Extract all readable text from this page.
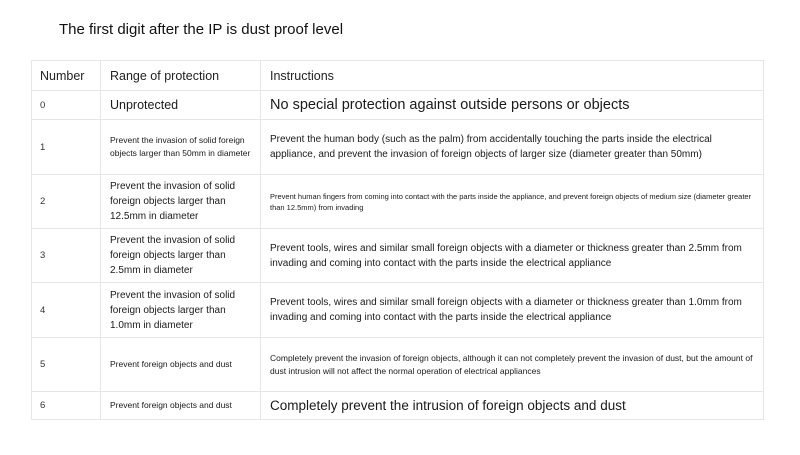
The first digit after the IP is dust proof level
Number	Range of protection	Instructions
0	Unprotected	No special protection against outside persons or objects
1	Prevent the invasion of solid foreign objects larger than 50mm in diameter	Prevent the human body (such as the palm) from accidentally touching the parts inside the electrical appliance, and prevent the invasion of foreign objects of larger size (diameter greater than 50mm)
2	Prevent the invasion of solid foreign objects larger than 12.5mm in diameter	Prevent human fingers from coming into contact with the parts inside the appliance, and prevent foreign objects of medium size (diameter greater than 12.5mm) from invading
3	Prevent the invasion of solid foreign objects larger than 2.5mm in diameter	Prevent tools, wires and similar small foreign objects with a diameter or thickness greater than 2.5mm from invading and coming into contact with the parts inside the electrical appliance
4	Prevent the invasion of solid foreign objects larger than 1.0mm in diameter	Prevent tools, wires and similar small foreign objects with a diameter or thickness greater than 1.0mm from invading and coming into contact with the parts inside the electrical appliance
5	Prevent foreign objects and dust	Completely prevent the invasion of foreign objects, although it can not completely prevent the invasion of dust, but the amount of dust intrusion will not affect the normal operation of electrical appliances
6	Prevent foreign objects and dust	Completely prevent the intrusion of foreign objects and dust
